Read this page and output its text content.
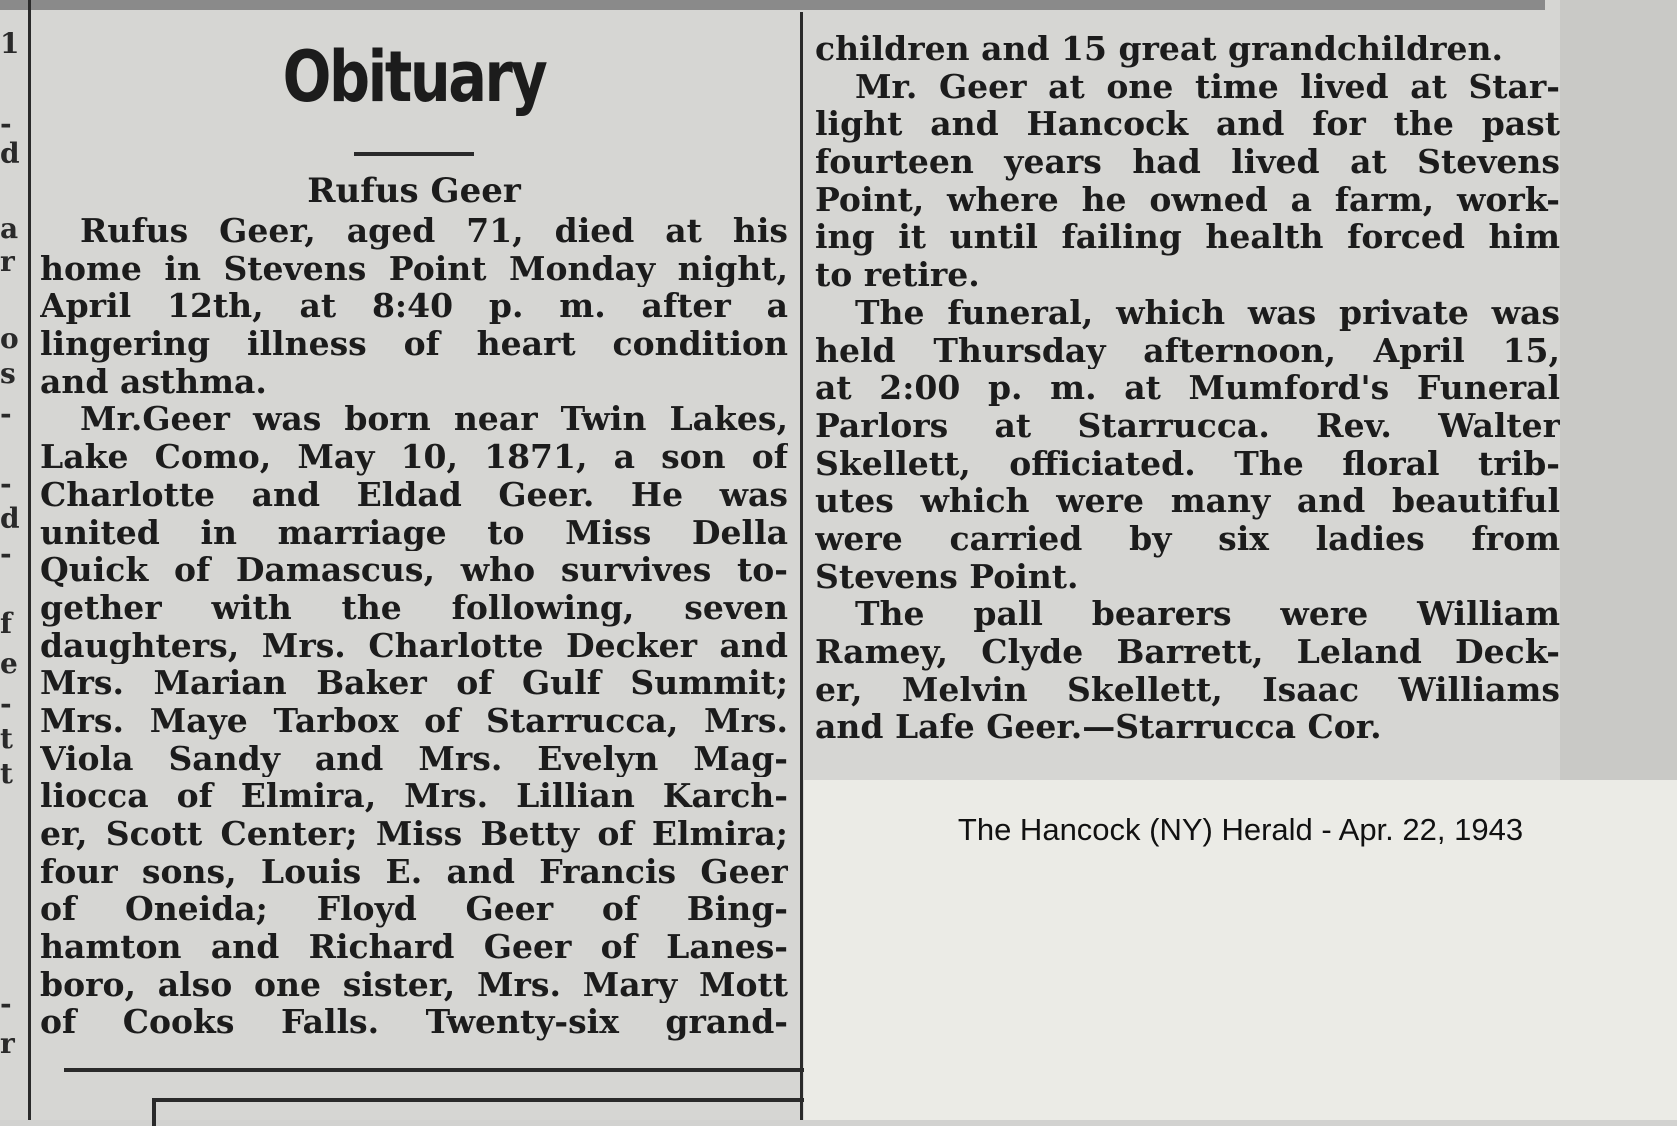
1
-
d
a
r
o
s
-
-
d
-
f
e
-
t
t
-
r
Obituary
Rufus Geer
Rufus Geer, aged 71, died at his
home in Stevens Point Monday night,
April 12th, at 8:40 p. m. after a
lingering illness of heart condition
and asthma.
Mr.Geer was born near Twin Lakes,
Lake Como, May 10, 1871, a son of
Charlotte and Eldad Geer. He was
united in marriage to Miss Della
Quick of Damascus, who survives to-
gether with the following, seven
daughters, Mrs. Charlotte Decker and
Mrs. Marian Baker of Gulf Summit;
Mrs. Maye Tarbox of Starrucca, Mrs.
Viola Sandy and Mrs. Evelyn Mag-
liocca of Elmira, Mrs. Lillian Karch-
er, Scott Center; Miss Betty of Elmira;
four sons, Louis E. and Francis Geer
of Oneida; Floyd Geer of Bing-
hamton and Richard Geer of Lanes-
boro, also one sister, Mrs. Mary Mott
of Cooks Falls. Twenty-six grand-
children and 15 great grandchildren.
Mr. Geer at one time lived at Star-
light and Hancock and for the past
fourteen years had lived at Stevens
Point, where he owned a farm, work-
ing it until failing health forced him
to retire.
The funeral, which was private was
held Thursday afternoon, April 15,
at 2:00 p. m. at Mumford's Funeral
Parlors at Starrucca. Rev. Walter
Skellett, officiated. The floral trib-
utes which were many and beautiful
were carried by six ladies from
Stevens Point.
The pall bearers were William
Ramey, Clyde Barrett, Leland Deck-
er, Melvin Skellett, Isaac Williams
and Lafe Geer.—Starrucca Cor.
The Hancock (NY) Herald - Apr. 22, 1943
